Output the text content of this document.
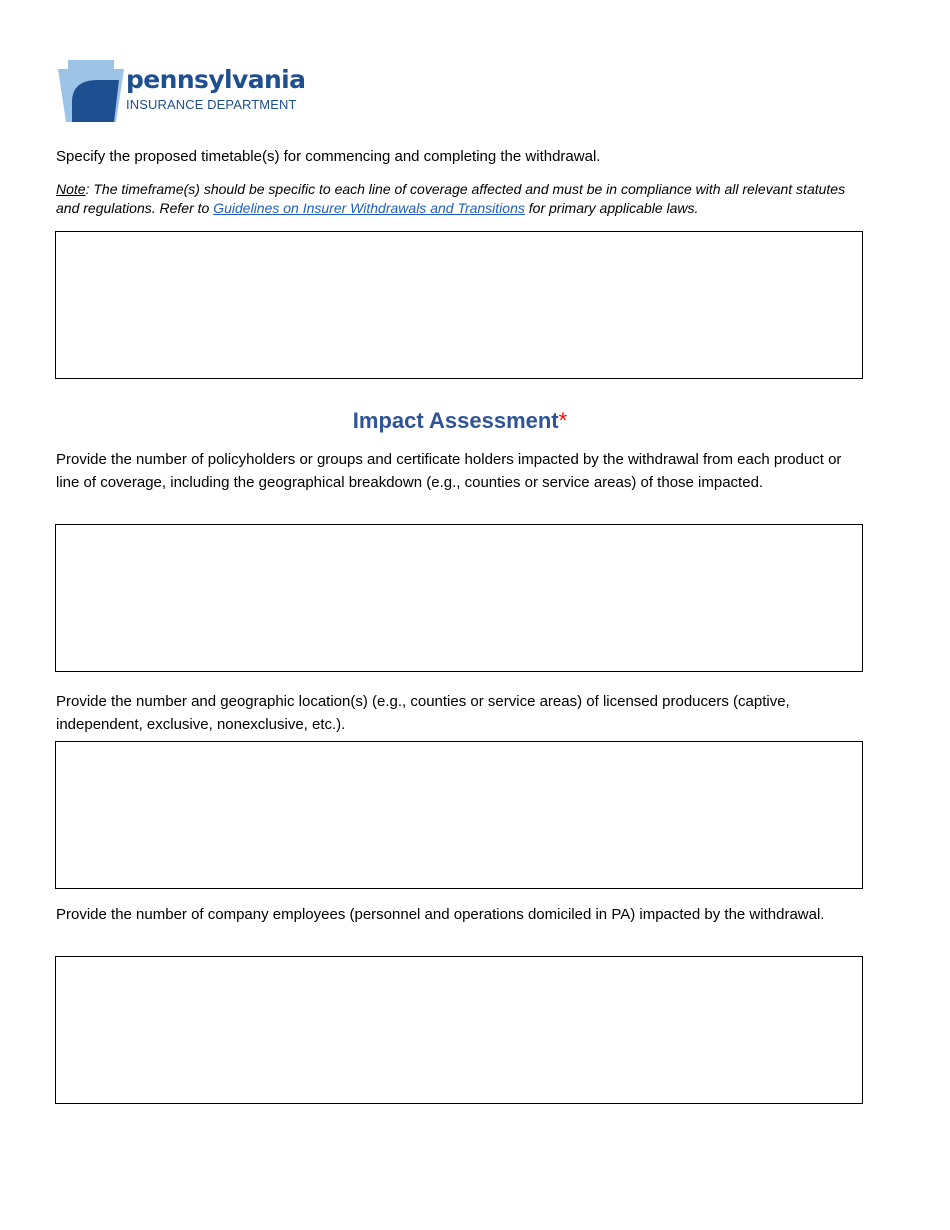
pennsylvania
INSURANCE DEPARTMENT

Specify the proposed timetable(s) for commencing and completing the withdrawal.

Note: The timeframe(s) should be specific to each line of coverage affected and must be in compliance with all relevant statutes and regulations. Refer to Guidelines on Insurer Withdrawals and Transitions for primary applicable laws.

Impact Assessment*

Provide the number of policyholders or groups and certificate holders impacted by the withdrawal from each product or line of coverage, including the geographical breakdown (e.g., counties or service areas) of those impacted.

Provide the number and geographic location(s) (e.g., counties or service areas) of licensed producers (captive, independent, exclusive, nonexclusive, etc.).

Provide the number of company employees (personnel and operations domiciled in PA) impacted by the withdrawal.
